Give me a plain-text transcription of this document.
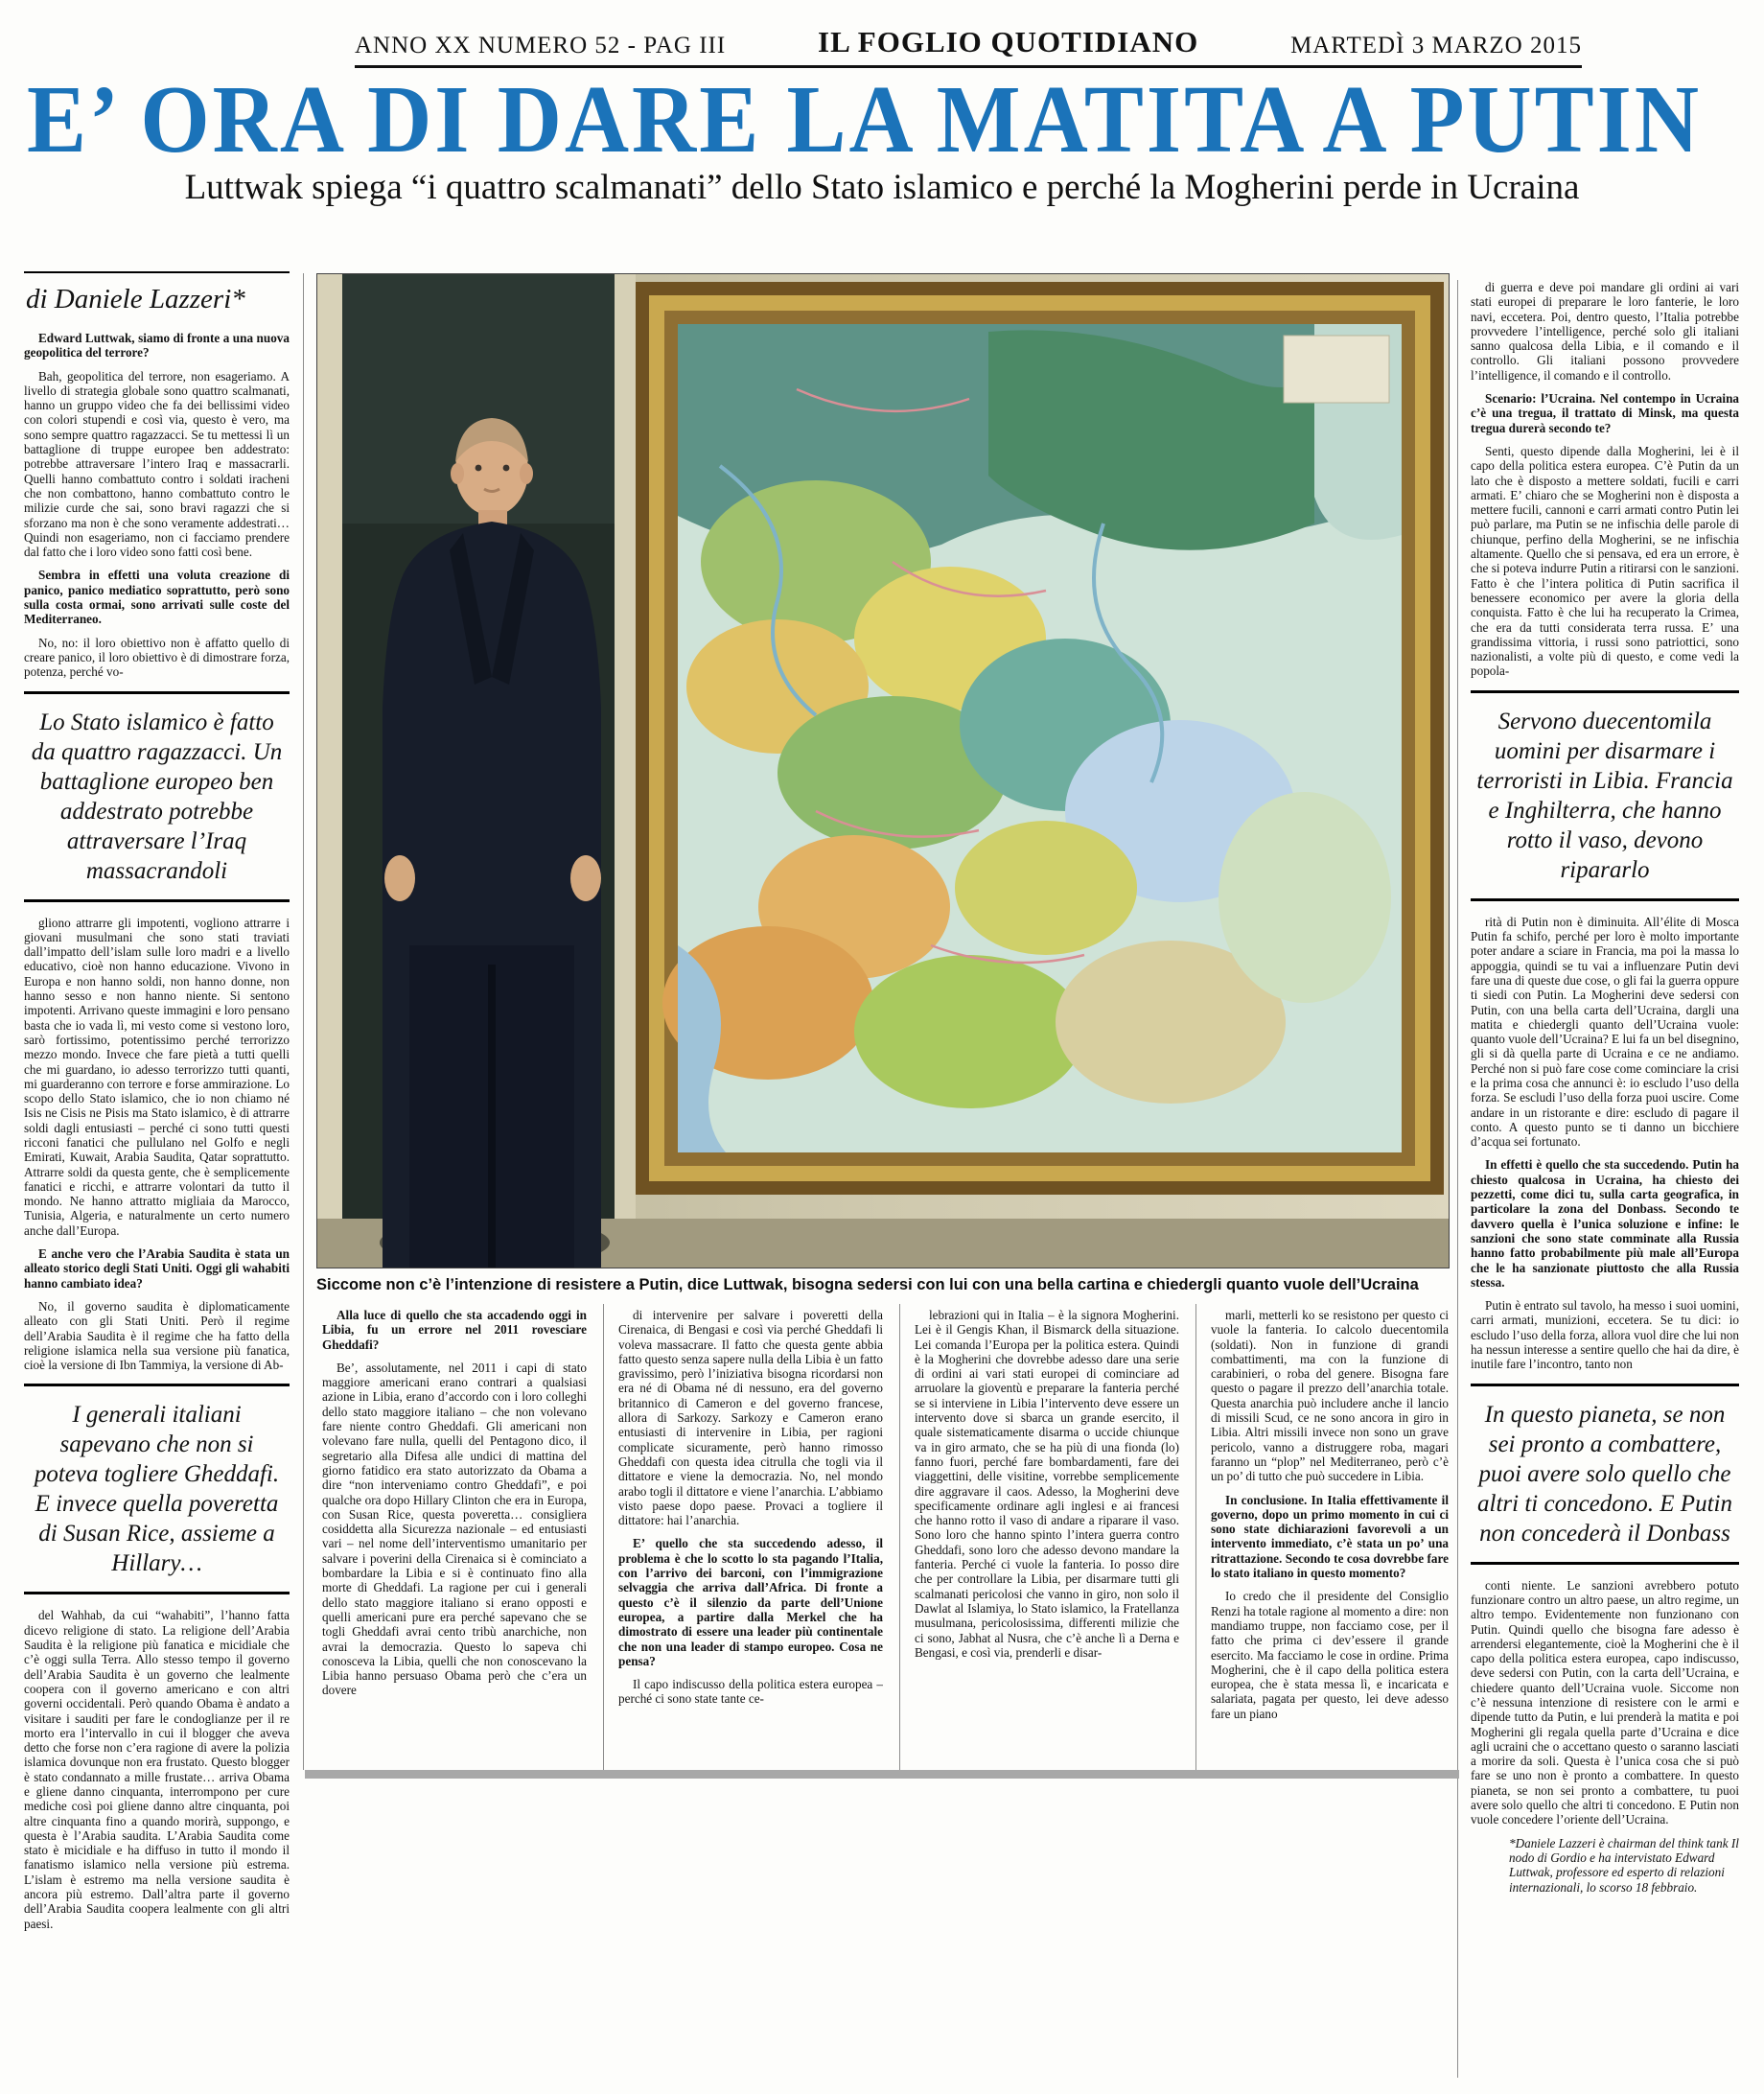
ANNO XX NUMERO 52 - PAG III	IL FOGLIO QUOTIDIANO	MARTEDÌ 3 MARZO 2015
E’ ORA DI DARE LA MATITA A PUTIN
Luttwak spiega “i quattro scalmanati” dello Stato islamico e perché la Mogherini perde in Ucraina
di Daniele Lazzeri*

Edward Luttwak, siamo di fronte a una nuova geopolitica del terrore?

Bah, geopolitica del terrore, non esageriamo. A livello di strategia globale sono quattro scalmanati, hanno un gruppo video che fa dei bellissimi video con colori stupendi e così via, questo è vero, ma sono sempre quattro ragazzacci. Se tu mettessi lì un battaglione di truppe europee ben addestrato: potrebbe attraversare l’intero Iraq e massacrarli. Quelli hanno combattuto contro i soldati iracheni che non combattono, hanno combattuto contro le milizie curde che sai, sono bravi ragazzi che si sforzano ma non è che sono veramente addestrati… Quindi non esageriamo, non ci facciamo prendere dal fatto che i loro video sono fatti così bene.

Sembra in effetti una voluta creazione di panico, panico mediatico soprattutto, però sono sulla costa ormai, sono arrivati sulle coste del Mediterraneo.

No, no: il loro obiettivo non è affatto quello di creare panico, il loro obiettivo è di dimostrare forza, potenza, perché vo-

Lo Stato islamico è fatto da quattro ragazzacci. Un battaglione europeo ben addestrato potrebbe attraversare l’Iraq massacrandoli

gliono attrarre gli impotenti, vogliono attrarre i giovani musulmani che sono stati traviati dall’impatto dell’islam sulle loro madri e a livello educativo, cioè non hanno educazione. Vivono in Europa e non hanno soldi, non hanno donne, non hanno sesso e non hanno niente. Si sentono impotenti. Arrivano queste immagini e loro pensano basta che io vada lì, mi vesto come si vestono loro, sarò fortissimo, potentissimo perché terrorizzo mezzo mondo. Invece che fare pietà a tutti quelli che mi guardano, io adesso terrorizzo tutti quanti, mi guarderanno con terrore e forse ammirazione. Lo scopo dello Stato islamico, che io non chiamo né Isis ne Cisis ne Pisis ma Stato islamico, è di attrarre soldi dagli entusiasti – perché ci sono tutti questi ricconi fanatici che pullulano nel Golfo e negli Emirati, Kuwait, Arabia Saudita, Qatar soprattutto. Attrarre soldi da questa gente, che è semplicemente fanatici e ricchi, e attrarre volontari da tutto il mondo. Ne hanno attratto migliaia da Marocco, Tunisia, Algeria, e naturalmente un certo numero anche dall’Europa.

E anche vero che l’Arabia Saudita è stata un alleato storico degli Stati Uniti. Oggi gli wahabiti hanno cambiato idea?

No, il governo saudita è diplomaticamente alleato con gli Stati Uniti. Però il regime dell’Arabia Saudita è il regime che ha fatto della religione islamica nella sua versione più fanatica, cioè la versione di Ibn Tammiya, la versione di Ab-

I generali italiani sapevano che non si poteva togliere Gheddafi. E invece quella poveretta di Susan Rice, assieme a Hillary…

del Wahhab, da cui “wahabiti”, l’hanno fatta dicevo religione di stato. La religione dell’Arabia Saudita è la religione più fanatica e micidiale che c’è oggi sulla Terra. Allo stesso tempo il governo dell’Arabia Saudita è un governo che lealmente coopera con il governo americano e con altri governi occidentali. Però quando Obama è andato a visitare i sauditi per fare le condoglianze per il re morto era l’intervallo in cui il blogger che aveva detto che forse non c’era ragione di avere la polizia islamica dovunque non era frustato. Questo blogger è stato condannato a mille frustate… arriva Obama e gliene danno cinquanta, interrompono per cure mediche così poi gliene danno altre cinquanta, poi altre cinquanta fino a quando morirà, suppongo, e questa è l’Arabia saudita. L’Arabia Saudita come stato è micidiale e ha diffuso in tutto il mondo il fanatismo islamico nella versione più estrema. L’islam è estremo ma nella versione saudita è ancora più estremo. Dall’altra parte il governo dell’Arabia Saudita coopera lealmente con gli altri paesi.

Siccome non c’è l’intenzione di resistere a Putin, dice Luttwak, bisogna sedersi con lui con una bella cartina e chiedergli quanto vuole dell’Ucraina

Alla luce di quello che sta accadendo oggi in Libia, fu un errore nel 2011 rovesciare Gheddafi?

Be’, assolutamente, nel 2011 i capi di stato maggiore americani erano contrari a qualsiasi azione in Libia, erano d’accordo con i loro colleghi dello stato maggiore italiano – che non volevano fare niente contro Gheddafi. Gli americani non volevano fare nulla, quelli del Pentagono dico, il segretario alla Difesa alle undici di mattina del giorno fatidico era stato autorizzato da Obama a dire “non interveniamo contro Gheddafi”, e poi qualche ora dopo Hillary Clinton che era in Europa, con Susan Rice, questa poveretta… consigliera cosiddetta alla Sicurezza nazionale – ed entusiasti vari – nel nome dell’interventismo umanitario per salvare i poverini della Cirenaica si è cominciato a bombardare la Libia e si è continuato fino alla morte di Gheddafi. La ragione per cui i generali dello stato maggiore italiano si erano opposti e quelli americani pure era perché sapevano che se togli Gheddafi avrai cento tribù anarchiche, non avrai la democrazia. Questo lo sapeva chi conosceva la Libia, quelli che non conoscevano la Libia hanno persuaso Obama però che c’era un dovere

di intervenire per salvare i poveretti della Cirenaica, di Bengasi e così via perché Gheddafi li voleva massacrare. Il fatto che questa gente abbia fatto questo senza sapere nulla della Libia è un fatto gravissimo, però l’iniziativa bisogna ricordarsi non era né di Obama né di nessuno, era del governo britannico di Cameron e del governo francese, allora di Sarkozy. Sarkozy e Cameron erano entusiasti di intervenire in Libia, per ragioni complicate sicuramente, però hanno rimosso Gheddafi con questa idea citrulla che togli via il dittatore e viene la democrazia. No, nel mondo arabo togli il dittatore e viene l’anarchia. L’abbiamo visto paese dopo paese. Provaci a togliere il dittatore: hai l’anarchia.

E’ quello che sta succedendo adesso, il problema è che lo scotto lo sta pagando l’Italia, con l’arrivo dei barconi, con l’immigrazione selvaggia che arriva dall’Africa. Di fronte a questo c’è il silenzio da parte dell’Unione europea, a partire dalla Merkel che ha dimostrato di essere una leader più continentale che non una leader di stampo europeo. Cosa ne pensa?

Il capo indiscusso della politica estera europea – perché ci sono state tante ce-

lebrazioni qui in Italia – è la signora Mogherini. Lei è il Gengis Khan, il Bismarck della situazione. Lei comanda l’Europa per la politica estera. Quindi è la Mogherini che dovrebbe adesso dare una serie di ordini ai vari stati europei di cominciare ad arruolare la gioventù e preparare la fanteria perché se si interviene in Libia l’intervento deve essere un intervento dove si sbarca un grande esercito, il quale sistematicamente disarma o uccide chiunque va in giro armato, che se ha più di una fionda (lo) fanno fuori, perché fare bombardamenti, fare dei viaggettini, delle visitine, vorrebbe semplicemente dire aggravare il caos. Adesso, la Mogherini deve specificamente ordinare agli inglesi e ai francesi che hanno rotto il vaso di andare a riparare il vaso. Sono loro che hanno spinto l’intera guerra contro Gheddafi, sono loro che adesso devono mandare la fanteria. Perché ci vuole la fanteria. Io posso dire che per controllare la Libia, per disarmare tutti gli scalmanati pericolosi che vanno in giro, non solo il Dawlat al Islamiya, lo Stato islamico, la Fratellanza musulmana, pericolosissima, differenti milizie che ci sono, Jabhat al Nusra, che c’è anche lì a Derna e Bengasi, e così via, prenderli e disar-

marli, metterli ko se resistono per questo ci vuole la fanteria. Io calcolo duecentomila (soldati). Non in funzione di grandi combattimenti, ma con la funzione di carabinieri, o roba del genere. Bisogna fare questo o pagare il prezzo dell’anarchia totale. Questa anarchia può includere anche il lancio di missili Scud, ce ne sono ancora in giro in Libia. Altri missili invece non sono un grave pericolo, vanno a distruggere roba, magari faranno un “plop” nel Mediterraneo, però c’è un po’ di tutto che può succedere in Libia.

In conclusione. In Italia effettivamente il governo, dopo un primo momento in cui ci sono state dichiarazioni favorevoli a un intervento immediato, c’è stata un po’ una ritrattazione. Secondo te cosa dovrebbe fare lo stato italiano in questo momento?

Io credo che il presidente del Consiglio Renzi ha totale ragione al momento a dire: non mandiamo truppe, non facciamo cose, per il fatto che prima ci dev’essere il grande esercito. Ma facciamo le cose in ordine. Prima Mogherini, che è il capo della politica estera europea, che è stata messa lì, e incaricata e salariata, pagata per questo, lei deve adesso fare un piano

di guerra e deve poi mandare gli ordini ai vari stati europei di preparare le loro fanterie, le loro navi, eccetera. Poi, dentro questo, l’Italia potrebbe provvedere l’intelligence, perché solo gli italiani sanno qualcosa della Libia, e il comando e il controllo. Gli italiani possono provvedere l’intelligence, il comando e il controllo.

Scenario: l’Ucraina. Nel contempo in Ucraina c’è una tregua, il trattato di Minsk, ma questa tregua durerà secondo te?

Senti, questo dipende dalla Mogherini, lei è il capo della politica estera europea. C’è Putin da un lato che è disposto a mettere soldati, fucili e carri armati. E’ chiaro che se Mogherini non è disposta a mettere fucili, cannoni e carri armati contro Putin lei può parlare, ma Putin se ne infischia delle parole di chiunque, perfino della Mogherini, se ne infischia altamente. Quello che si pensava, ed era un errore, è che si poteva indurre Putin a ritirarsi con le sanzioni. Fatto è che l’intera politica di Putin sacrifica il benessere economico per avere la gloria della conquista. Fatto è che lui ha recuperato la Crimea, che era da tutti considerata terra russa. E’ una grandissima vittoria, i russi sono patriottici, sono nazionalisti, a volte più di questo, e come vedi la popola-

Servono duecentomila uomini per disarmare i terroristi in Libia. Francia e Inghilterra, che hanno rotto il vaso, devono ripararlo

rità di Putin non è diminuita. All’élite di Mosca Putin fa schifo, perché per loro è molto importante poter andare a sciare in Francia, ma poi la massa lo appoggia, quindi se tu vai a influenzare Putin devi fare una di queste due cose, o gli fai la guerra oppure ti siedi con Putin. La Mogherini deve sedersi con Putin, con una bella carta dell’Ucraina, dargli una matita e chiedergli quanto dell’Ucraina vuole: quanto vuole dell’Ucraina? E lui fa un bel disegnino, gli si dà quella parte di Ucraina e ce ne andiamo. Perché non si può fare cose come cominciare la crisi e la prima cosa che annunci è: io escludo l’uso della forza. Se escludi l’uso della forza puoi uscire. Come andare in un ristorante e dire: escludo di pagare il conto. A questo punto se ti danno un bicchiere d’acqua sei fortunato.

In effetti è quello che sta succedendo. Putin ha chiesto qualcosa in Ucraina, ha chiesto dei pezzetti, come dici tu, sulla carta geografica, in particolare la zona del Donbass. Secondo te davvero quella è l’unica soluzione e infine: le sanzioni che sono state comminate alla Russia hanno fatto probabilmente più male all’Europa che le ha sanzionate piuttosto che alla Russia stessa.

Putin è entrato sul tavolo, ha messo i suoi uomini, carri armati, munizioni, eccetera. Se tu dici: io escludo l’uso della forza, allora vuol dire che lui non ha nessun interesse a sentire quello che hai da dire, è inutile fare l’incontro, tanto non

In questo pianeta, se non sei pronto a combattere, puoi avere solo quello che altri ti concedono. E Putin non concederà il Donbass

conti niente. Le sanzioni avrebbero potuto funzionare contro un altro paese, un altro regime, un altro tempo. Evidentemente non funzionano con Putin. Quindi quello che bisogna fare adesso è arrendersi elegantemente, cioè la Mogherini che è il capo della politica estera europea, capo indiscusso, deve sedersi con Putin, con la carta dell’Ucraina, e chiedere quanto dell’Ucraina vuole. Siccome non c’è nessuna intenzione di resistere con le armi e dipende tutto da Putin, e lui prenderà la matita e poi Mogherini gli regala quella parte d’Ucraina e dice agli ucraini che o accettano questo o saranno lasciati a morire da soli. Questa è l’unica cosa che si può fare se uno non è pronto a combattere. In questo pianeta, se non sei pronto a combattere, tu puoi avere solo quello che altri ti concedono. E Putin non vuole concedere l’oriente dell’Ucraina.

*Daniele Lazzeri è chairman del think tank Il nodo di Gordio e ha intervistato Edward Luttwak, professore ed esperto di relazioni internazionali, lo scorso 18 febbraio.
